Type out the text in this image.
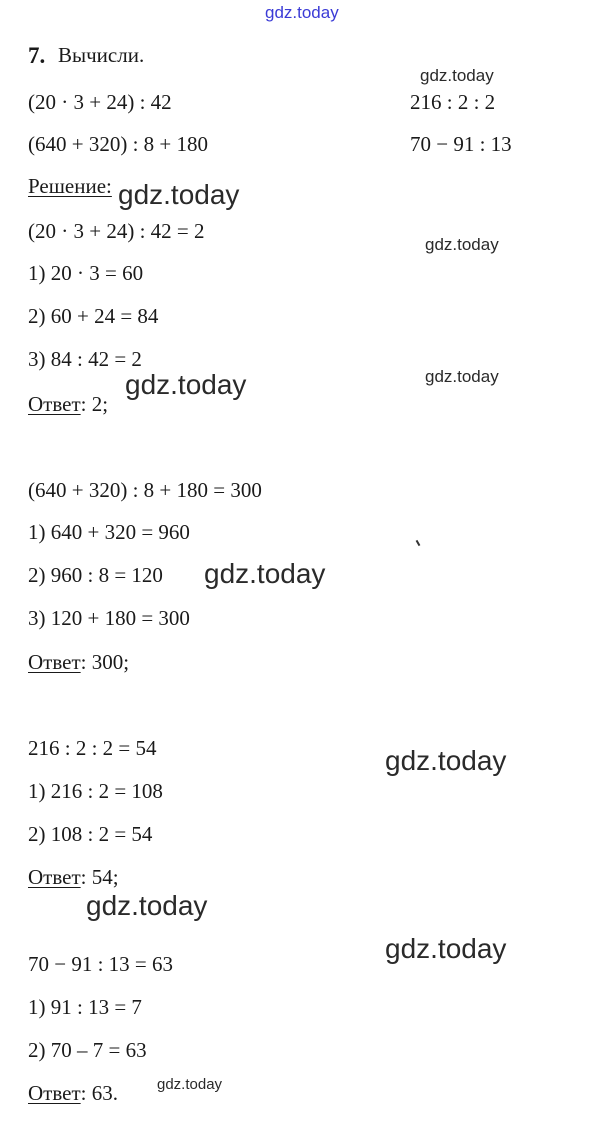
gdz.today
gdz.today
gdz.today
gdz.today
gdz.today	gdz.today
gdz.today
gdz.today
gdz.today
gdz.today
gdz.today
7. Вычисли.
(20 · 3 + 24) : 42	216 : 2 : 2
(640 + 320) : 8 + 180	70 − 91 : 13
Решение:
(20 · 3 + 24) : 42 = 2
1) 20 · 3 = 60
2) 60 + 24 = 84
3) 84 : 42 = 2
Ответ: 2;
(640 + 320) : 8 + 180 = 300
1) 640 + 320 = 960
2) 960 : 8 = 120
3) 120 + 180 = 300
Ответ: 300;
216 : 2 : 2 = 54
1) 216 : 2 = 108
2) 108 : 2 = 54
Ответ: 54;
70 − 91 : 13 = 63
1) 91 : 13 = 7
2) 70 – 7 = 63
Ответ: 63.
